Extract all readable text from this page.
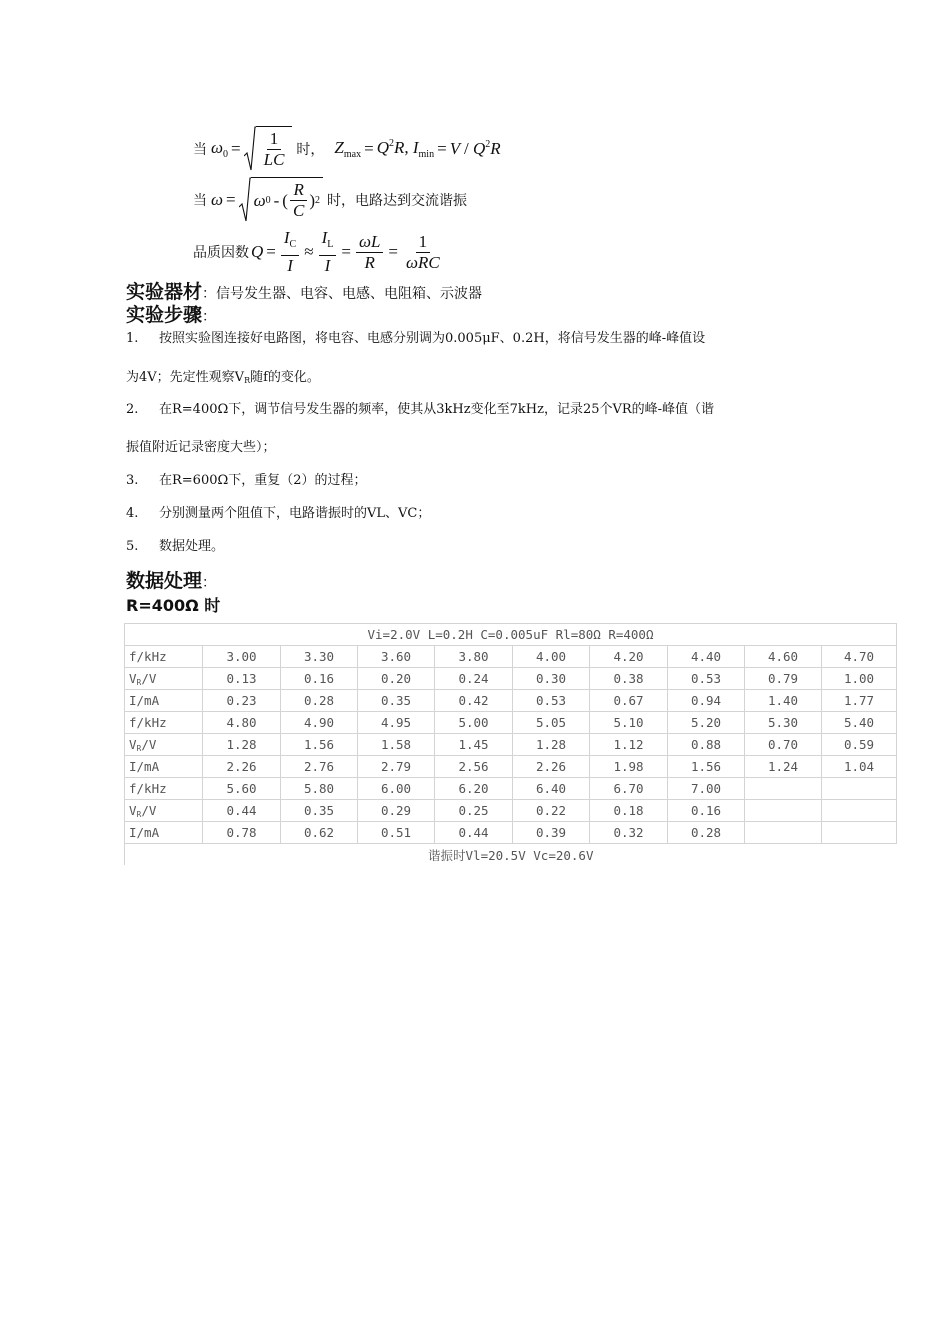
当 $\omega_0 = \frac{1}{LC}$ 时， $Z_{max} = Q^2R$, $I_{min} = V / Q^2R$
当 ω = ω 0 - ( $\frac{R}{C}$ ) 2 时，电路达到交流谐振
品质因数 $Q = \frac{I_C}{I} \approx \frac{I_L}{I} = \frac{\omega L}{R} = \frac{1}{\text{ωRC}}$
实验器材：信号发生器、电容、电感、电阻箱、示波器
实验步骤：
1. 按照实验图连接好电路图，将电容、电感分别调为0.005μF、0.2H，将信号发生器的峰-峰值设
为4V；先定性观察VR随f的变化。
2. 在R=400Ω下，调节信号发生器的频率，使其从3kHz变化至7kHz，记录25个VR的峰-峰值（谐
振值附近记录密度大些）；
3. 在R=600Ω下，重复（2）的过程；
4. 分别测量两个阻值下，电路谐振时的VL、VC；
5. 数据处理。
数据处理：
R=400Ω 时
Vi=2.0V L=0.2H C=0.005uF Rl=80Ω R=400Ω									
f/kHz	3.00	3.30	3.60	3.80	4.00	4.20	4.40	4.60	4.70
VR/V	0.13	0.16	0.20	0.24	0.30	0.38	0.53	0.79	1.00
I/mA	0.23	0.28	0.35	0.42	0.53	0.67	0.94	1.40	1.77
f/kHz	4.80	4.90	4.95	5.00	5.05	5.10	5.20	5.30	5.40
VR/V	1.28	1.56	1.58	1.45	1.28	1.12	0.88	0.70	0.59
I/mA	2.26	2.76	2.79	2.56	2.26	1.98	1.56	1.24	1.04
f/kHz	5.60	5.80	6.00	6.20	6.40	6.70	7.00		
VR/V	0.44	0.35	0.29	0.25	0.22	0.18	0.16		
I/mA	0.78	0.62	0.51	0.44	0.39	0.32	0.28		
谐振时Vl=20.5V Vc=20.6V									
